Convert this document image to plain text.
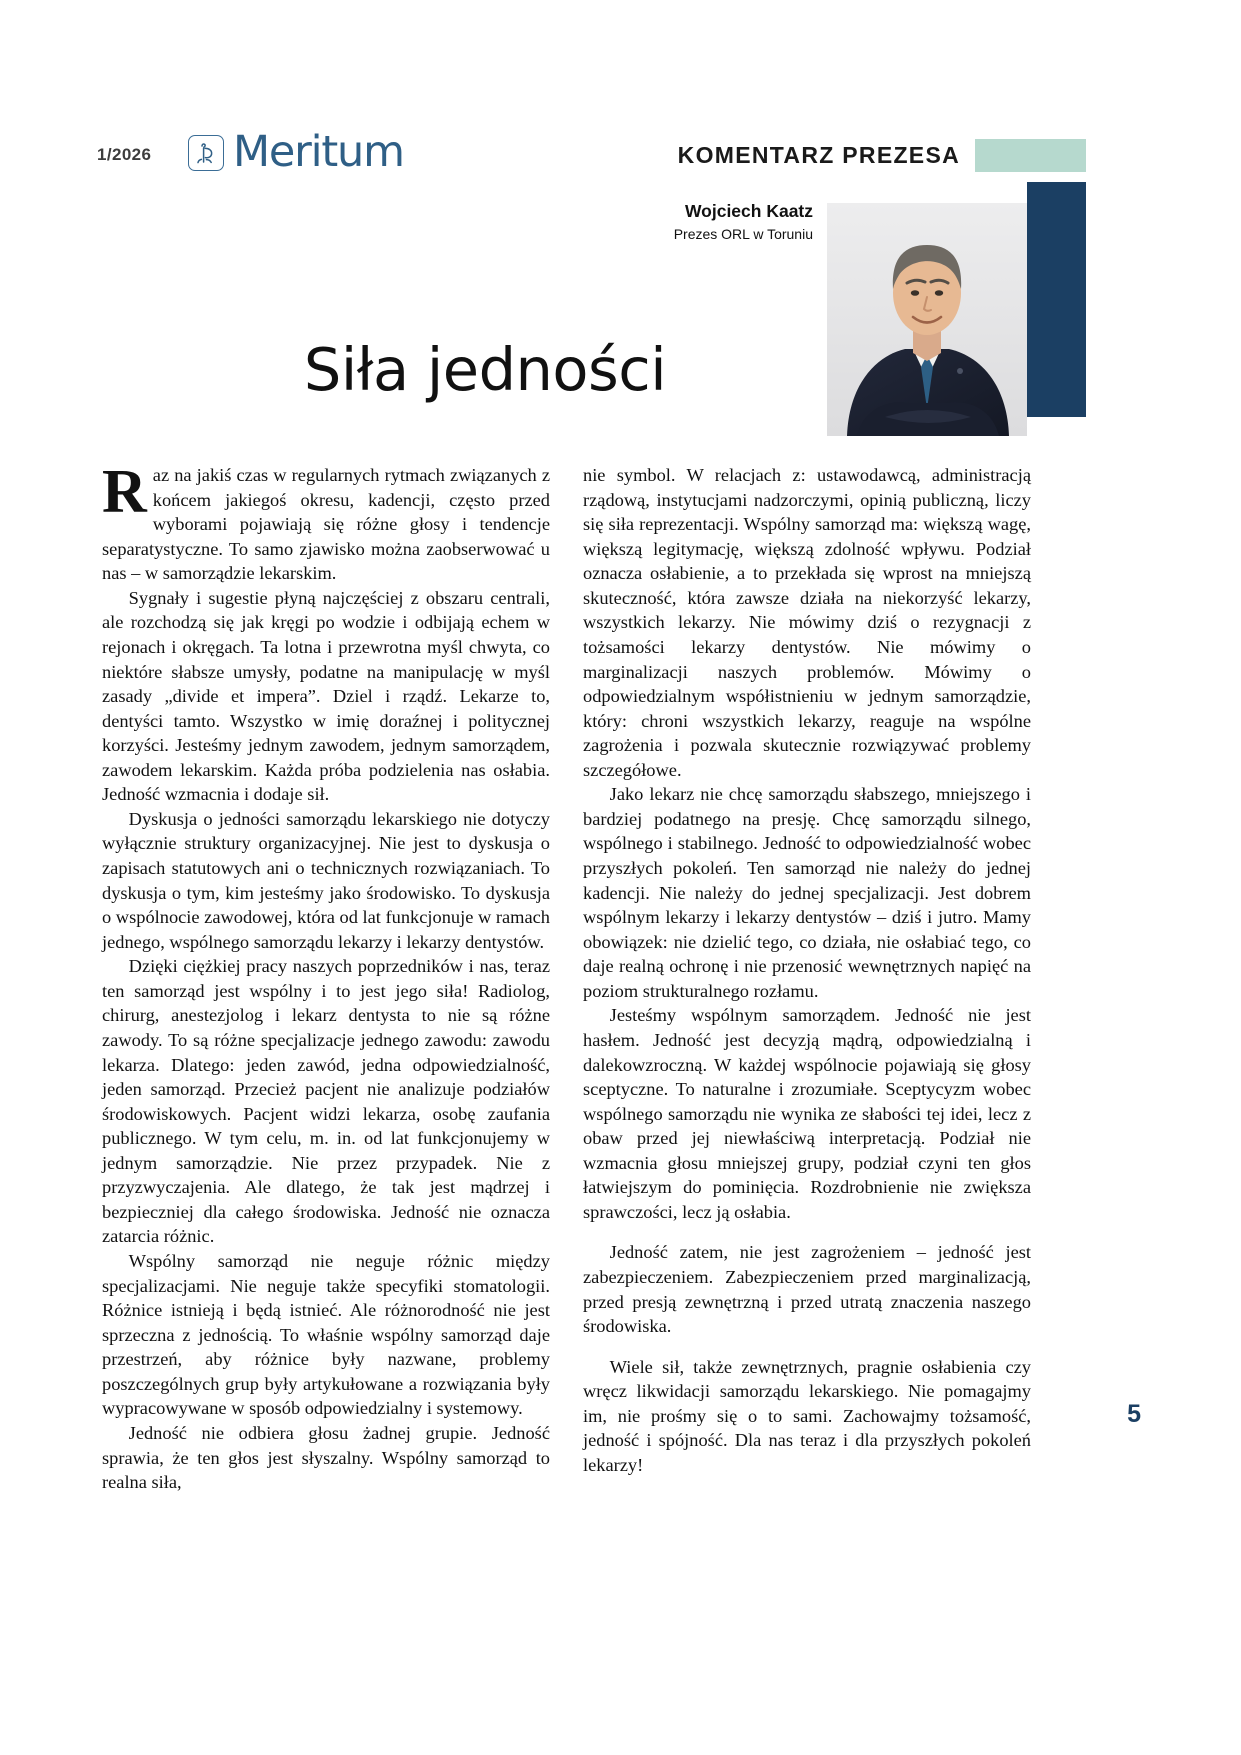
1/2026 Meritum	KOMENTARZ PREZESA
Wojciech Kaatz
Prezes ORL w Toruniu
Siła jedności

Raz na jakiś czas w regularnych rytmach związanych z końcem jakiegoś okresu, kadencji, często przed wyborami pojawiają się różne głosy i tendencje separatystyczne. To samo zjawisko można zaobserwować u nas – w samorządzie lekarskim.

Sygnały i sugestie płyną najczęściej z obszaru centrali, ale rozchodzą się jak kręgi po wodzie i odbijają echem w rejonach i okręgach. Ta lotna i przewrotna myśl chwyta, co niektóre słabsze umysły, podatne na manipulację w myśl zasady „divide et impera”. Dziel i rządź. Lekarze to, dentyści tamto. Wszystko w imię doraźnej i politycznej korzyści. Jesteśmy jednym zawodem, jednym samorządem, zawodem lekarskim. Każda próba podzielenia nas osłabia. Jedność wzmacnia i dodaje sił.

Dyskusja o jedności samorządu lekarskiego nie dotyczy wyłącznie struktury organizacyjnej. Nie jest to dyskusja o zapisach statutowych ani o technicznych rozwiązaniach. To dyskusja o tym, kim jesteśmy jako środowisko. To dyskusja o wspólnocie zawodowej, która od lat funkcjonuje w ramach jednego, wspólnego samorządu lekarzy i lekarzy dentystów.

Dzięki ciężkiej pracy naszych poprzedników i nas, teraz ten samorząd jest wspólny i to jest jego siła! Radiolog, chirurg, anestezjolog i lekarz dentysta to nie są różne zawody. To są różne specjalizacje jednego zawodu: zawodu lekarza. Dlatego: jeden zawód, jedna odpowiedzialność, jeden samorząd. Przecież pacjent nie analizuje podziałów środowiskowych. Pacjent widzi lekarza, osobę zaufania publicznego. W tym celu, m. in. od lat funkcjonujemy w jednym samorządzie. Nie przez przypadek. Nie z przyzwyczajenia. Ale dlatego, że tak jest mądrzej i bezpieczniej dla całego środowiska. Jedność nie oznacza zatarcia różnic.

Wspólny samorząd nie neguje różnic między specjalizacjami. Nie neguje także specyfiki stomatologii. Różnice istnieją i będą istnieć. Ale różnorodność nie jest sprzeczna z jednością. To właśnie wspólny samorząd daje przestrzeń, aby różnice były nazwane, problemy poszczególnych grup były artykułowane a rozwiązania były wypracowywane w sposób odpowiedzialny i systemowy.

Jedność nie odbiera głosu żadnej grupie. Jedność sprawia, że ten głos jest słyszalny. Wspólny samorząd to realna siła,

nie symbol. W relacjach z: ustawodawcą, administracją rządową, instytucjami nadzorczymi, opinią publiczną, liczy się siła reprezentacji. Wspólny samorząd ma: większą wagę, większą legitymację, większą zdolność wpływu. Podział oznacza osłabienie, a to przekłada się wprost na mniejszą skuteczność, która zawsze działa na niekorzyść lekarzy, wszystkich lekarzy. Nie mówimy dziś o rezygnacji z tożsamości lekarzy dentystów. Nie mówimy o marginalizacji naszych problemów. Mówimy o odpowiedzialnym współistnieniu w jednym samorządzie, który: chroni wszystkich lekarzy, reaguje na wspólne zagrożenia i pozwala skutecznie rozwiązywać problemy szczegółowe.

Jako lekarz nie chcę samorządu słabszego, mniejszego i bardziej podatnego na presję. Chcę samorządu silnego, wspólnego i stabilnego. Jedność to odpowiedzialność wobec przyszłych pokoleń. Ten samorząd nie należy do jednej kadencji. Nie należy do jednej specjalizacji. Jest dobrem wspólnym lekarzy i lekarzy dentystów – dziś i jutro. Mamy obowiązek: nie dzielić tego, co działa, nie osłabiać tego, co daje realną ochronę i nie przenosić wewnętrznych napięć na poziom strukturalnego rozłamu.

Jesteśmy wspólnym samorządem. Jedność nie jest hasłem. Jedność jest decyzją mądrą, odpowiedzialną i dalekowzroczną. W każdej wspólnocie pojawiają się głosy sceptyczne. To naturalne i zrozumiałe. Sceptycyzm wobec wspólnego samorządu nie wynika ze słabości tej idei, lecz z obaw przed jej niewłaściwą interpretacją. Podział nie wzmacnia głosu mniejszej grupy, podział czyni ten głos łatwiejszym do pominięcia. Rozdrobnienie nie zwiększa sprawczości, lecz ją osłabia.

Jedność zatem, nie jest zagrożeniem – jedność jest zabezpieczeniem. Zabezpieczeniem przed marginalizacją, przed presją zewnętrzną i przed utratą znaczenia naszego środowiska.

Wiele sił, także zewnętrznych, pragnie osłabienia czy wręcz likwidacji samorządu lekarskiego. Nie pomagajmy im, nie prośmy się o to sami. Zachowajmy tożsamość, jedność i spójność. Dla nas teraz i dla przyszłych pokoleń lekarzy!

5
